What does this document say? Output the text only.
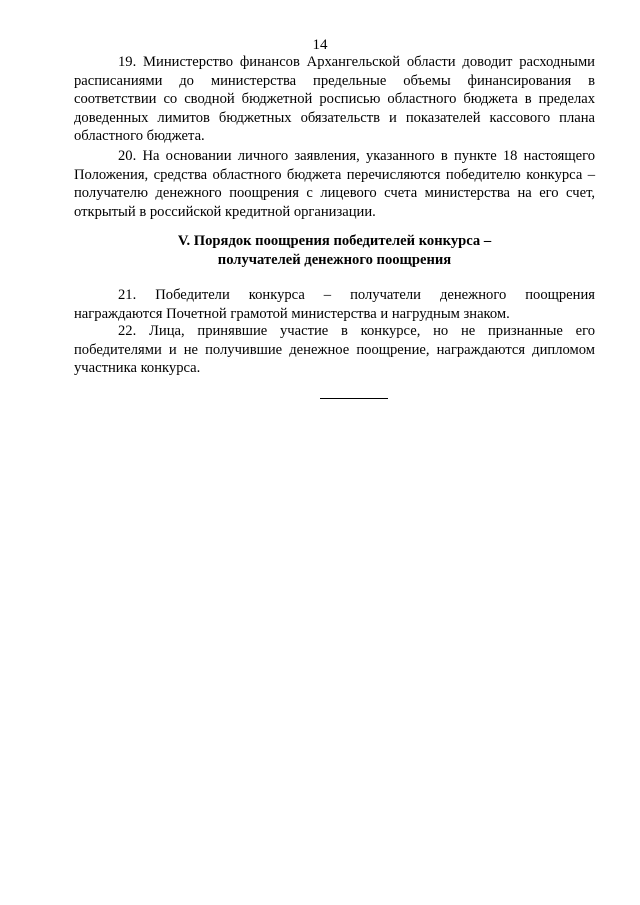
14

19. Министерство финансов Архангельской области доводит расходными расписаниями до министерства предельные объемы финансирования в соответствии со сводной бюджетной росписью областного бюджета в пределах доведенных лимитов бюджетных обязательств и показателей кассового плана областного бюджета.

20. На основании личного заявления, указанного в пункте 18 настоящего Положения, средства областного бюджета перечисляются победителю конкурса – получателю денежного поощрения с лицевого счета министерства на его счет, открытый в российской кредитной организации.

V. Порядок поощрения победителей конкурса –
получателей денежного поощрения

21. Победители конкурса – получатели денежного поощрения награждаются Почетной грамотой министерства и нагрудным знаком.

22. Лица, принявшие участие в конкурсе, но не признанные его победителями и не получившие денежное поощрение, награждаются дипломом участника конкурса.
